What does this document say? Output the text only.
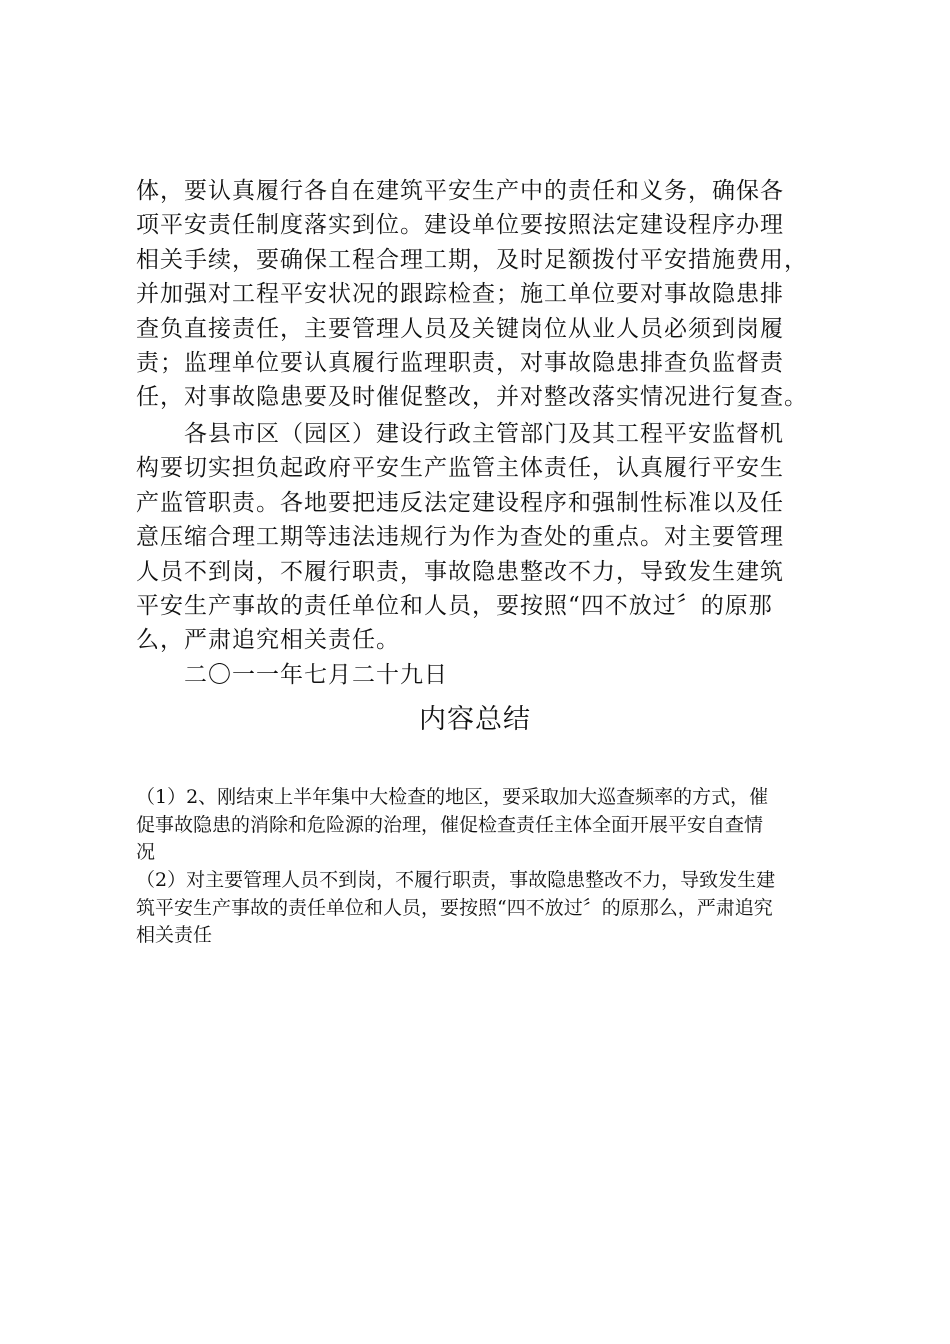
体，要认真履行各自在建筑平安生产中的责任和义务，确保各
项平安责任制度落实到位。建设单位要按照法定建设程序办理
相关手续，要确保工程合理工期，及时足额拨付平安措施费用，
并加强对工程平安状况的跟踪检查；施工单位要对事故隐患排
查负直接责任，主要管理人员及关键岗位从业人员必须到岗履
责；监理单位要认真履行监理职责，对事故隐患排查负监督责
任，对事故隐患要及时催促整改，并对整改落实情况进行复查。
　　各县市区（园区）建设行政主管部门及其工程平安监督机
构要切实担负起政府平安生产监管主体责任，认真履行平安生
产监管职责。各地要把违反法定建设程序和强制性标准以及任
意压缩合理工期等违法违规行为作为查处的重点。对主要管理
人员不到岗，不履行职责，事故隐患整改不力，导致发生建筑
平安生产事故的责任单位和人员，要按照“四不放过〞的原那
么，严肃追究相关责任。
　　二〇一一年七月二十九日
内容总结
（1）2、刚结束上半年集中大检查的地区，要采取加大巡查频率的方式，催
促事故隐患的消除和危险源的治理，催促检查责任主体全面开展平安自查情
况
（2）对主要管理人员不到岗，不履行职责，事故隐患整改不力，导致发生建
筑平安生产事故的责任单位和人员，要按照“四不放过〞的原那么，严肃追究
相关责任
